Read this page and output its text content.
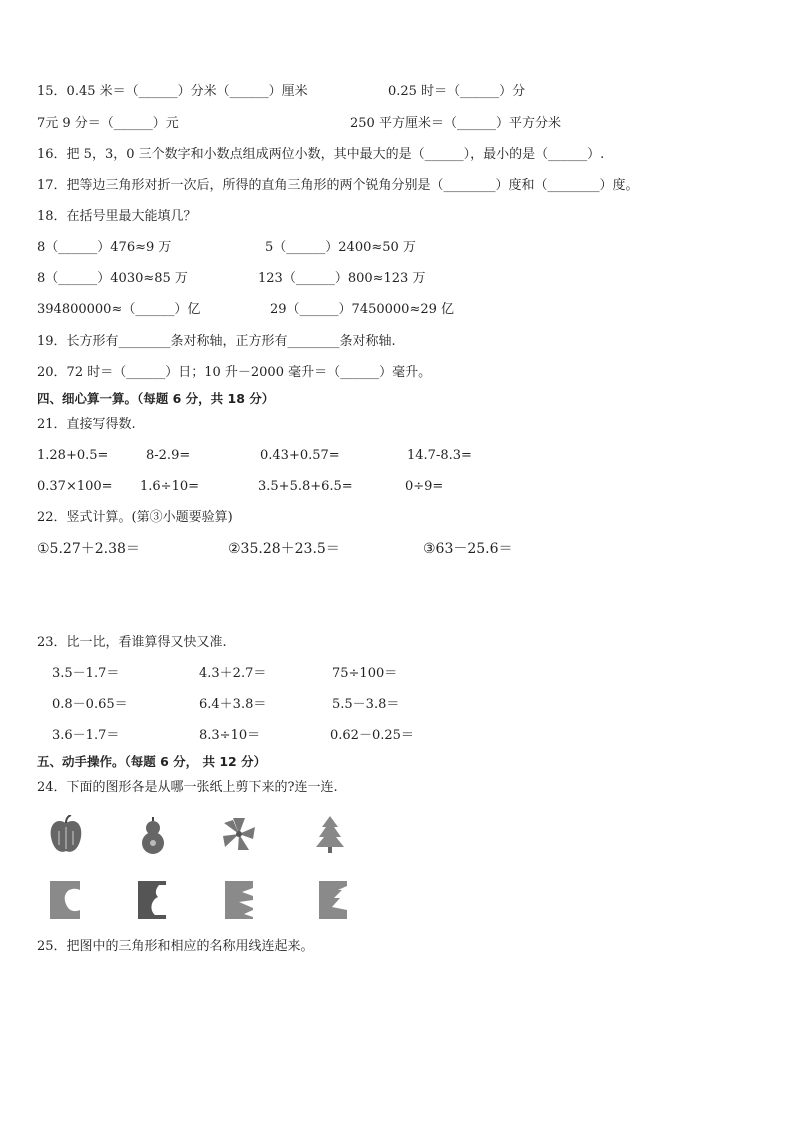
15．0.45 米＝（______）分米（______）厘米	0.25 时＝（______）分
7元 9 分＝（______）元	250 平方厘米＝（______）平方分米
16．把 5，3，0 三个数字和小数点组成两位小数，其中最大的是（______），最小的是（______）.
17．把等边三角形对折一次后，所得的直角三角形的两个锐角分别是（________）度和（________）度。
18．在括号里最大能填几？
8（______）476≈9 万	5（______）2400≈50 万
8（______）4030≈85 万	123（______）800≈123 万
394800000≈（______）亿	29（______）7450000≈29 亿
19．长方形有________条对称轴，正方形有________条对称轴.
20．72 时＝（______）日；10 升－2000 毫升＝（______）毫升。
四、细心算一算。（每题 6 分，共 18 分）
21．直接写得数.
1.28+0.5=	8-2.9=	0.43+0.57=	14.7-8.3=
0.37×100= 1.6÷10=	3.5+5.8+6.5=	0÷9=
22．竖式计算。(第③小题要验算)
①5.27＋2.38＝	②35.28＋23.5＝	③63－25.6＝
23．比一比，看谁算得又快又准.
3.5－1.7＝	4.3＋2.7＝	75÷100＝
0.8－0.65＝	6.4＋3.8＝	5.5－3.8＝
3.6－1.7＝	8.3÷10＝	0.62－0.25＝
五、动手操作。（每题 6 分， 共 12 分）
24．下面的图形各是从哪一张纸上剪下来的?连一连.
25．把图中的三角形和相应的名称用线连起来。
